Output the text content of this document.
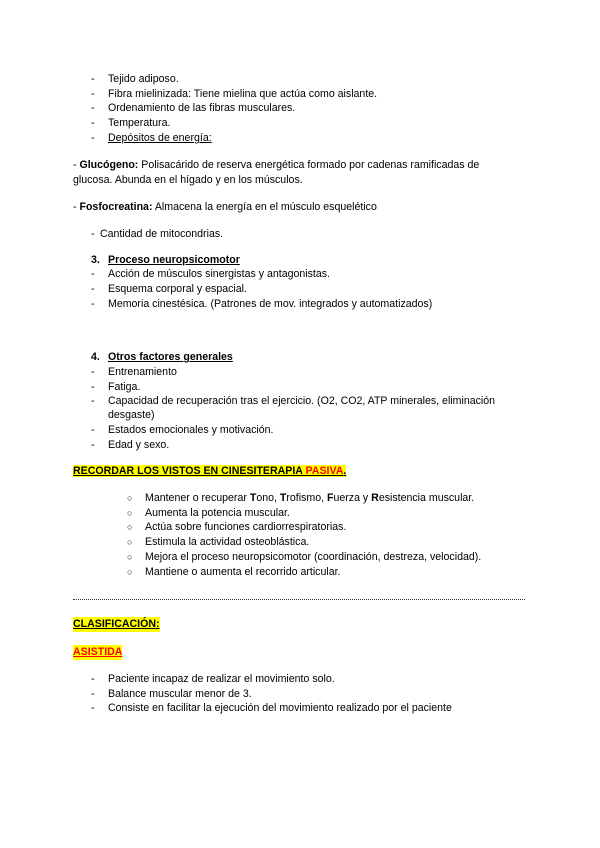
-	Tejido adiposo.
-	Fibra mielinizada: Tiene mielina que actúa como aislante.
-	Ordenamiento de las fibras musculares.
-	Temperatura.
-	Depósitos de energía:
- Glucógeno: Polisacárido de reserva energética formado por cadenas ramificadas de
glucosa. Abunda en el hígado y en los músculos.
- Fosfocreatina: Almacena la energía en el músculo esquelético
- Cantidad de mitocondrias.
3. Proceso neuropsicomotor
-	Acción de músculos sinergistas y antagonistas.
-	Esquema corporal y espacial.
-	Memoria cinestésica. (Patrones de mov. integrados y automatizados)
4. Otros factores generales
-	Entrenamiento
-	Fatiga.
-	Capacidad de recuperación tras el ejercicio. (O2, CO2, ATP minerales, eliminación
desgaste)
-	Estados emocionales y motivación.
-	Edad y sexo.
RECORDAR LOS VISTOS EN CINESITERAPIA PASIVA.
○ Mantener o recuperar Tono, Trofismo, Fuerza y Resistencia muscular.
○ Aumenta la potencia muscular.
○ Actúa sobre funciones cardiorrespiratorias.
○ Estimula la actividad osteoblástica.
○ Mejora el proceso neuropsicomotor (coordinación, destreza, velocidad).
○ Mantiene o aumenta el recorrido articular.
CLASIFICACIÓN:
ASISTIDA
-	Paciente incapaz de realizar el movimiento solo.
-	Balance muscular menor de 3.
-	Consiste en facilitar la ejecución del movimiento realizado por el paciente
